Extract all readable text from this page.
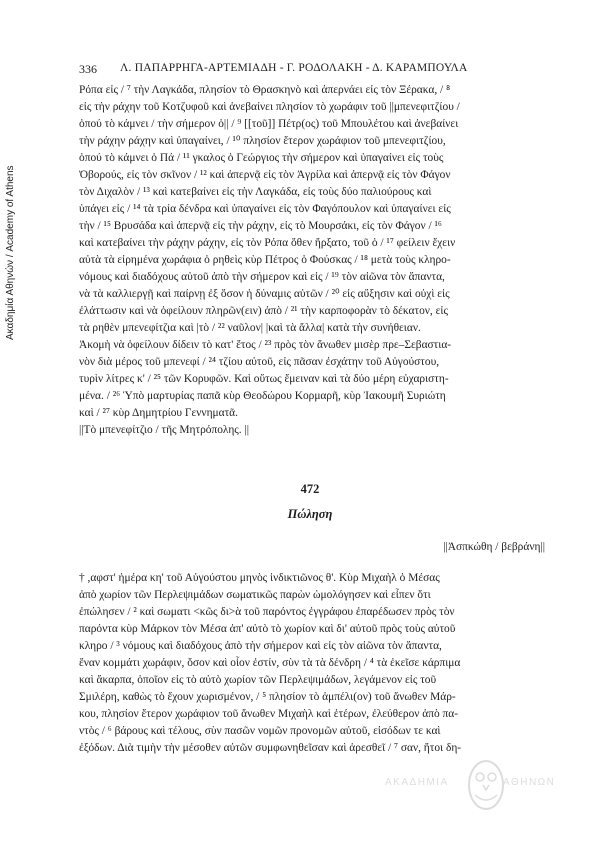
Ακαδημία Αθηνών / Academy of Athens
336 Λ. ΠΑΠΑΡΡΗΓΑ-ΑΡΤΕΜΙΑΔΗ - Γ. ΡΟΔΟΛΑΚΗ - Δ. ΚΑΡΑΜΠΟΥΛΑ
Ρόπα εἰς / ⁷ τὴν Λαγκάδα, πλησίον τὸ Θρασκηνὸ καὶ ἀπερνάει εἰς τὸν Ξέρακα, / ⁸
εἰς τὴν ράχην τοῦ Κοτζυφοῦ καὶ ἀνεβαίνει πλησίον τὸ χωράφιν τοῦ ||μπενεφιτζίου /
ὁπού τὸ κάμνει / τὴν σήμερον ὁ|| / ⁹ [[τοῦ]] Πέτρ(ος) τοῦ Μπουλέτου καὶ ἀνεβαίνει
τὴν ράχην ράχην καὶ ὑπαγαίνει, / ¹⁰ πλησίον ἕτερον χωράφιον τοῦ μπενεφιτζίου,
ὁπού τὸ κάμνει ὁ Πά / ¹¹ γκαλος ὁ Γεώργιος τὴν σήμερον καὶ ὑπαγαίνει εἰς τοὺς
Ὀβορούς, εἰς τὸν σκῖνον / ¹² καὶ ἀπερνᾷ εἰς τὸν Ἀγρίλα καὶ ἀπερνᾷ εἰς τὸν Φάγον
τὸν Διχαλὸν / ¹³ καὶ κατεβαίνει εἰς τὴν Λαγκάδα, εἰς τοὺς δύο παλιούρους καὶ
ὑπάγει εἰς / ¹⁴ τὰ τρία δένδρα καὶ ὑπαγαίνει εἰς τὸν Φαγόπουλον καὶ ὑπαγαίνει εἰς
τὴν / ¹⁵ Βρυσάδα καὶ ἀπερνᾷ εἰς τὴν ράχην, εἰς τὸ Μουρσάκι, εἰς τὸν Φάγον / ¹⁶
καὶ κατεβαίνει τὴν ράχην ράχην, εἰς τὸν Ρόπα ὅθεν ἤρξατο, τοῦ ὁ / ¹⁷ φείλειν ἔχειν
αὐτὰ τὰ εἰρημένα χωράφια ὁ ρηθεὶς κὺρ Πέτρος ὁ Φούσκας / ¹⁸ μετὰ τοὺς κληρο-
νόμους καὶ διαδόχους αὐτοῦ ἀπὸ τὴν σήμερον καὶ εἰς / ¹⁹ τὸν αἰῶνα τὸν ἅπαντα,
νὰ τὰ καλλιεργῇ καὶ παίρνῃ ἐξ ὅσον ἡ δύναμις αὐτῶν / ²⁰ εἰς αὔξησιν καὶ οὐχὶ εἰς
ἐλάττωσιν καὶ νὰ ὀφείλουν πληρῶν(ειν) ἀπὸ / ²¹ τὴν καρποφορὰν τὸ δέκατον, εἰς
τὰ ρηθὲν μπενεφίτζια καὶ |τὸ / ²² ναῦλον| |καὶ τὰ ἄλλα| κατὰ τὴν συνήθειαν.
Ἀκομὴ νὰ ὀφείλουν δίδειν τὸ κατ' ἔτος / ²³ πρὸς τὸν ἄνωθεν μισὲρ πρε–Σεβαστια-
νὸν διὰ μέρος τοῦ μπενεφί / ²⁴ τζίου αὐτοῦ, εἰς πᾶσαν ἐσχάτην τοῦ Αὐγούστου,
τυρὶν λίτρες κ' / ²⁵ τῶν Κορυφῶν. Καὶ οὕτως ἔμειναν καὶ τὰ δύο μέρη εὐχαριστη-
μένα. / ²⁶ Ὑπὸ μαρτυρίας παπᾶ κὺρ Θεοδώρου Κορμαρῆ, κὺρ Ἰακουμῆ Συριώτη
καὶ / ²⁷ κὺρ Δημητρίου Γεννηματᾶ.
||Τὸ μπενεφίτζιο / τῆς Μητρόπολης. ||
472
Πώληση
||Ἀσπκώθη / βεβράνη||
† ,αφστ' ἡμέρα κη' τοῦ Αὐγούστου μηνὸς ἰνδικτιῶνος θ'. Κὺρ Μιχαὴλ ὁ Μέσας
ἀπὸ χωρίον τῶν Περλεψιμάδων σωματικῶς παρὼν ὡμολόγησεν καὶ εἶπεν ὅτι
ἐπώλησεν / ² καὶ σωματι <κῶς δι>ὰ τοῦ παρόντος ἐγγράφου ἐπαρέδωσεν πρὸς τὸν
παρόντα κὺρ Μάρκον τὸν Μέσα ἀπ' αὐτὸ τὸ χωρίον καὶ δι' αὐτοῦ πρὸς τοὺς αὐτοῦ
κληρο / ³ νόμους καὶ διαδόχους ἀπὸ τὴν σήμερον καὶ εἰς τὸν αἰῶνα τὸν ἅπαντα,
ἕναν κομμάτι χωράφιν, ὅσον καὶ οἷον ἐστίν, σὺν τὰ τὰ δένδρη / ⁴ τὰ ἐκεῖσε κάρπιμα
καὶ ἄκαρπα, ὁποῖον εἰς τὸ αὐτὸ χωρίον τῶν Περλεψιμάδων, λεγάμενον εἰς τοῦ
Σμιλέρη, καθὼς τὸ ἔχουν χωρισμένον, / ⁵ πλησίον τὸ ἀμπέλι(ον) τοῦ ἄνωθεν Μάρ-
κου, πλησίον ἕτερον χωράφιον τοῦ ἄνωθεν Μιχαὴλ καὶ ἑτέρων, ἐλεύθερον ἀπὸ πα-
ντὸς / ⁶ βάρους καὶ τέλους, σὺν πασῶν νομῶν προνομῶν αὐτοῦ, εἰσόδων τε καὶ
ἐξόδων. Διὰ τιμὴν τὴν μέσοθεν αὐτῶν συμφωνηθεῖσαν καὶ ἀρεσθεῖ / ⁷ σαν, ἤτοι δη-
ΑΚΑΔΗΜΙΑ	ΑΘΗΝΩΝ
